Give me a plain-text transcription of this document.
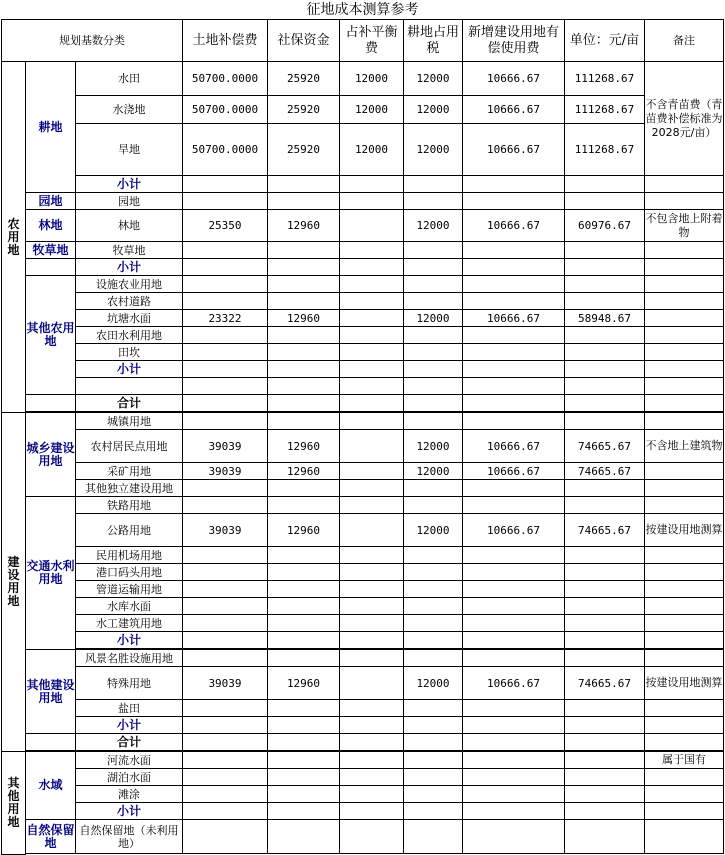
征地成本测算参考
规划基数分类			土地补偿费	社保资金	占补平衡费	耕地占用税	新增建设用地有偿使用费	单位：元/亩	备注
农用地	耕地	水田	50700.0000	25920	12000	12000	10666.67	111268.67	不含青苗费（青苗费补偿标准为2028元/亩）
		水浇地	50700.0000	25920	12000	12000	10666.67	111268.67	
		旱地	50700.0000	25920	12000	12000	10666.67	111268.67	
		小计							
	园地	园地							
	林地	林地	25350	12960		12000	10666.67	60976.67	不包含地上附着物
	牧草地	牧草地							
		小计							
	其他农用地	设施农业用地							
		农村道路							
		坑塘水面	23322	12960		12000	10666.67	58948.67	
		农田水利用地							
		田坎							
		小计							

		合计							

建设用地	城乡建设用地	城镇用地							
		农村居民点用地	39039	12960		12000	10666.67	74665.67	不含地上建筑物
		采矿用地	39039	12960		12000	10666.67	74665.67	
		其他独立建设用地							
	交通水利用地	铁路用地							
		公路用地	39039	12960		12000	10666.67	74665.67	按建设用地测算
		民用机场用地							
		港口码头用地							
		管道运输用地							
		水库水面							
		水工建筑用地							
		小计							

	其他建设用地	风景名胜设施用地							
		特殊用地	39039	12960		12000	10666.67	74665.67	按建设用地测算
		盐田							
		小计							
		合计							

其他用地	水域	河流水面							属于国有
		湖泊水面							
		滩涂							
		小计							
	自然保留地	自然保留地（未利用地）							
